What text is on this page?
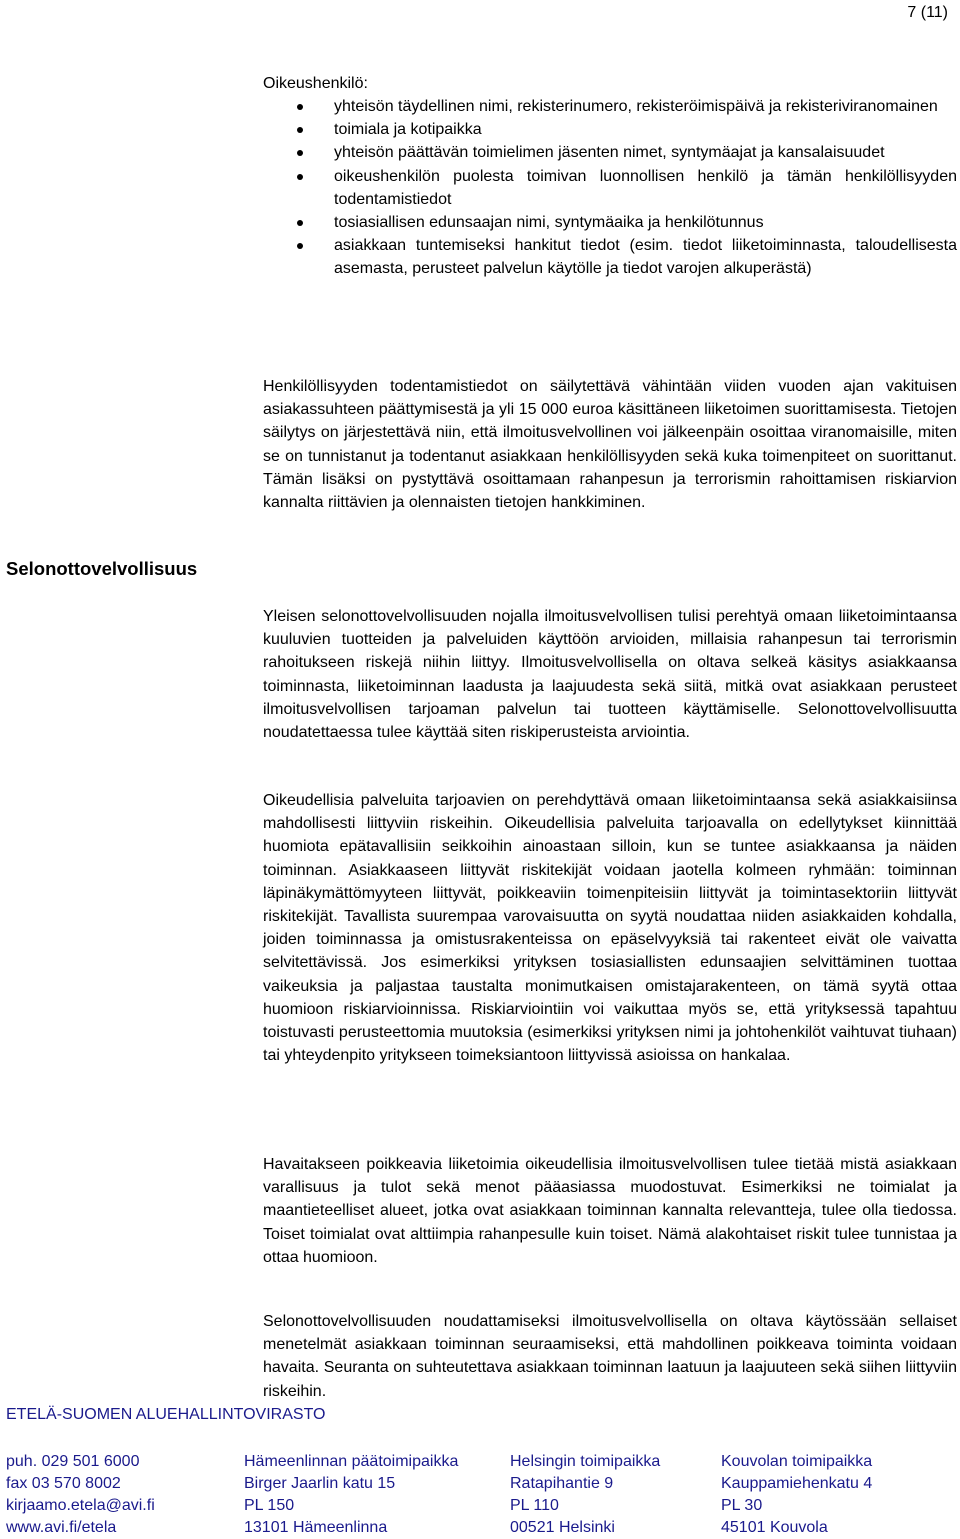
7 (11)
Oikeushenkilö:
yhteisön täydellinen nimi, rekisterinumero, rekisteröimispäivä ja rekisteriviranomainen
toimiala ja kotipaikka
yhteisön päättävän toimielimen jäsenten nimet, syntymäajat ja kansalaisuudet
oikeushenkilön puolesta toimivan luonnollisen henkilö ja tämän henkilöllisyyden todentamistiedot
tosiasiallisen edunsaajan nimi, syntymäaika ja henkilötunnus
asiakkaan tuntemiseksi hankitut tiedot (esim. tiedot liiketoiminnasta, taloudellisesta asemasta, perusteet palvelun käytölle ja tiedot varojen alkuperästä)

Henkilöllisyyden todentamistiedot on säilytettävä vähintään viiden vuoden ajan vakituisen asiakassuhteen päättymisestä ja yli 15 000 euroa käsittäneen liiketoimen suorittamisesta. Tietojen säilytys on järjestettävä niin, että ilmoitusvelvollinen voi jälkeenpäin osoittaa viranomaisille, miten se on tunnistanut ja todentanut asiakkaan henkilöllisyyden sekä kuka toimenpiteet on suorittanut. Tämän lisäksi on pystyttävä osoittamaan rahanpesun ja terrorismin rahoittamisen riskiarvion kannalta riittävien ja olennaisten tietojen hankkiminen.

Selonottovelvollisuus

Yleisen selonottovelvollisuuden nojalla ilmoitusvelvollisen tulisi perehtyä omaan liiketoimintaansa kuuluvien tuotteiden ja palveluiden käyttöön arvioiden, millaisia rahanpesun tai terrorismin rahoitukseen riskejä niihin liittyy. Ilmoitusvelvollisella on oltava selkeä käsitys asiakkaansa toiminnasta, liiketoiminnan laadusta ja laajuudesta sekä siitä, mitkä ovat asiakkaan perusteet ilmoitusvelvollisen tarjoaman palvelun tai tuotteen käyttämiselle. Selonottovelvollisuutta noudatettaessa tulee käyttää siten riskiperusteista arviointia.

Oikeudellisia palveluita tarjoavien on perehdyttävä omaan liiketoimintaansa sekä asiakkaisiinsa mahdollisesti liittyviin riskeihin. Oikeudellisia palveluita tarjoavalla on edellytykset kiinnittää huomiota epätavallisiin seikkoihin ainoastaan silloin, kun se tuntee asiakkaansa ja näiden toiminnan. Asiakkaaseen liittyvät riskitekijät voidaan jaotella kolmeen ryhmään: toiminnan läpinäkymättömyyteen liittyvät, poikkeaviin toimenpiteisiin liittyvät ja toimintasektoriin liittyvät riskitekijät. Tavallista suurempaa varovaisuutta on syytä noudattaa niiden asiakkaiden kohdalla, joiden toiminnassa ja omistusrakenteissa on epäselvyyksiä tai rakenteet eivät ole vaivatta selvitettävissä. Jos esimerkiksi yrityksen tosiasiallisten edunsaajien selvittäminen tuottaa vaikeuksia ja paljastaa taustalta monimutkaisen omistajarakenteen, on tämä syytä ottaa huomioon riskiarvioinnissa. Riskiarviointiin voi vaikuttaa myös se, että yrityksessä tapahtuu toistuvasti perusteettomia muutoksia (esimerkiksi yrityksen nimi ja johtohenkilöt vaihtuvat tiuhaan) tai yhteydenpito yritykseen toimeksiantoon liittyvissä asioissa on hankalaa.

Havaitakseen poikkeavia liiketoimia oikeudellisia ilmoitusvelvollisen tulee tietää mistä asiakkaan varallisuus ja tulot sekä menot pääasiassa muodostuvat. Esimerkiksi ne toimialat ja maantieteelliset alueet, jotka ovat asiakkaan toiminnan kannalta relevantteja, tulee olla tiedossa. Toiset toimialat ovat alttiimpia rahanpesulle kuin toiset. Nämä alakohtaiset riskit tulee tunnistaa ja ottaa huomioon.

Selonottovelvollisuuden noudattamiseksi ilmoitusvelvollisella on oltava käytössään sellaiset menetelmät asiakkaan toiminnan seuraamiseksi, että mahdollinen poikkeava toiminta voidaan havaita. Seuranta on suhteutettava asiakkaan toiminnan laatuun ja laajuuteen sekä siihen liittyviin riskeihin.

ETELÄ-SUOMEN ALUEHALLINTOVIRASTO
puh. 029 501 6000
fax 03 570 8002
kirjaamo.etela@avi.fi
www.avi.fi/etela
Hämeenlinnan päätoimipaikka
Birger Jaarlin katu 15
PL 150
13101 Hämeenlinna
Helsingin toimipaikka
Ratapihantie 9
PL 110
00521 Helsinki
Kouvolan toimipaikka
Kauppamiehenkatu 4
PL 30
45101 Kouvola
